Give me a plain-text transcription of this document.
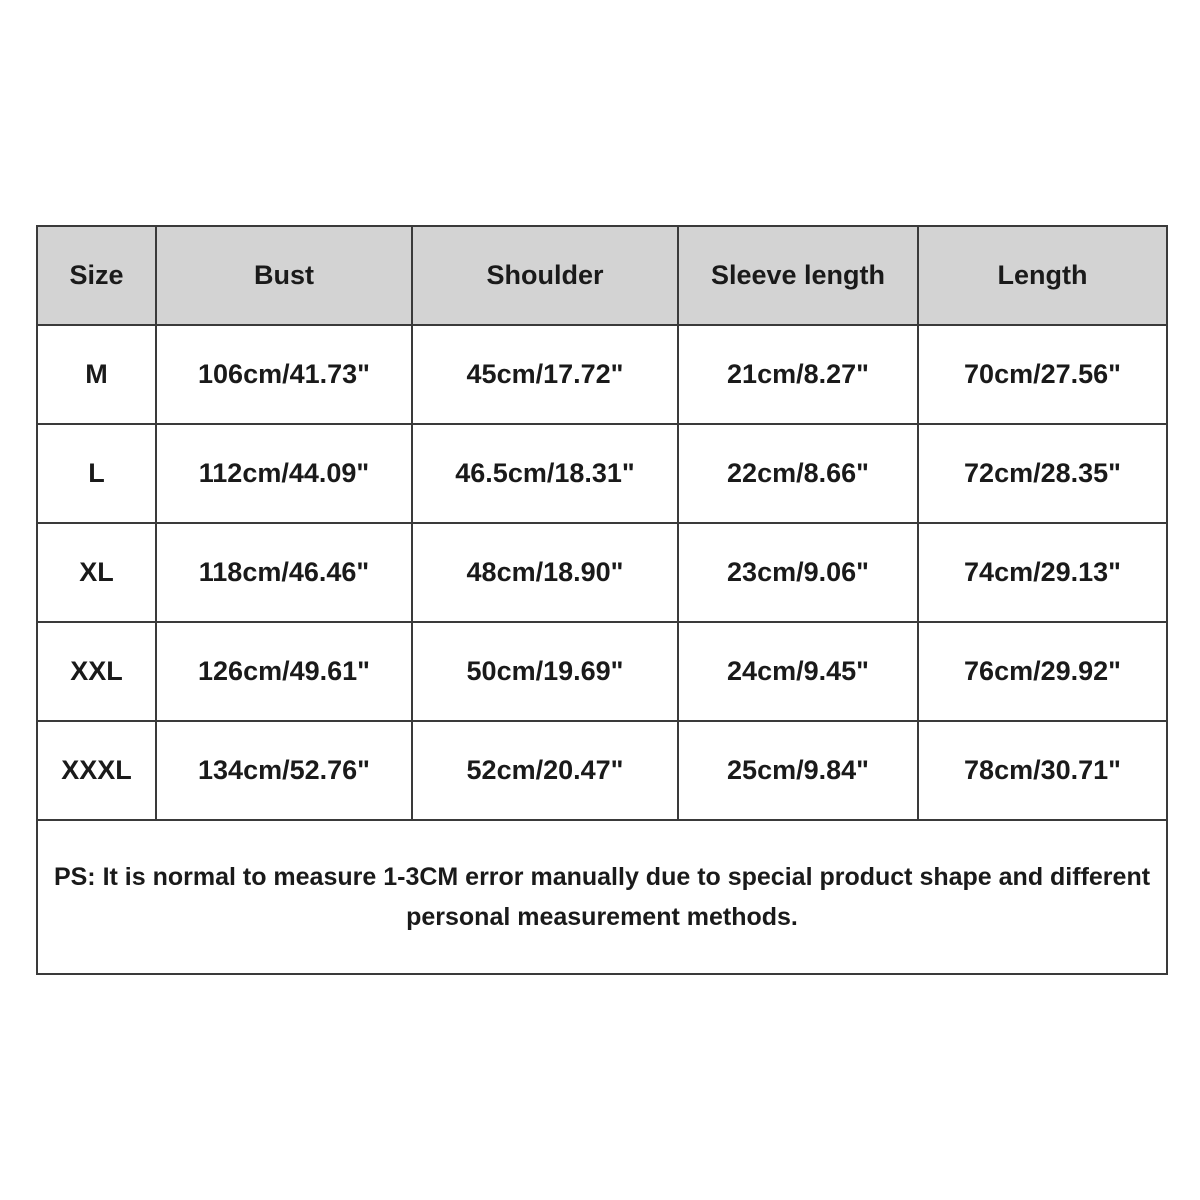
Size	Bust	Shoulder	Sleeve length	Length
M	106cm/41.73"	45cm/17.72"	21cm/8.27"	70cm/27.56"
L	112cm/44.09"	46.5cm/18.31"	22cm/8.66"	72cm/28.35"
XL	118cm/46.46"	48cm/18.90"	23cm/9.06"	74cm/29.13"
XXL	126cm/49.61"	50cm/19.69"	24cm/9.45"	76cm/29.92"
XXXL	134cm/52.76"	52cm/20.47"	25cm/9.84"	78cm/30.71"
PS: It is normal to measure 1-3CM error manually due to special product shape and different personal measurement methods.				
